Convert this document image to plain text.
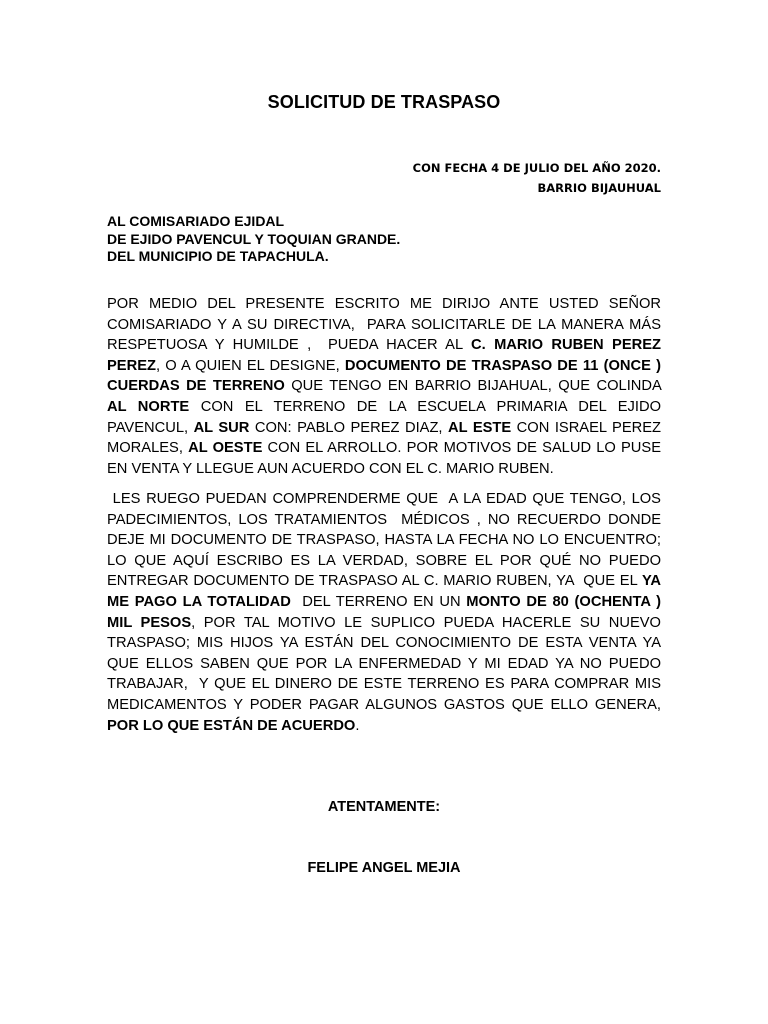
SOLICITUD DE TRASPASO
CON FECHA 4 DE JULIO DEL AÑO 2020.
BARRIO BIJAUHUAL
AL COMISARIADO EJIDAL
DE EJIDO PAVENCUL Y TOQUIAN GRANDE.
DEL MUNICIPIO DE TAPACHULA.
POR MEDIO DEL PRESENTE ESCRITO ME DIRIJO ANTE USTED SEÑOR COMISARIADO Y A SU DIRECTIVA,  PARA SOLICITARLE DE LA MANERA MÁS RESPETUOSA Y HUMILDE ,  PUEDA HACER AL C. MARIO RUBEN PEREZ PEREZ, O A QUIEN EL DESIGNE, DOCUMENTO DE TRASPASO DE 11 (ONCE ) CUERDAS DE TERRENO QUE TENGO EN BARRIO BIJAHUAL, QUE COLINDA AL NORTE CON EL TERRENO DE LA ESCUELA PRIMARIA DEL EJIDO PAVENCUL, AL SUR CON: PABLO PEREZ DIAZ, AL ESTE CON ISRAEL PEREZ MORALES, AL OESTE CON EL ARROLLO. POR MOTIVOS DE SALUD LO PUSE EN VENTA Y LLEGUE AUN ACUERDO CON EL C. MARIO RUBEN.
LES RUEGO PUEDAN COMPRENDERME QUE  A LA EDAD QUE TENGO, LOS PADECIMIENTOS, LOS TRATAMIENTOS  MÉDICOS , NO RECUERDO DONDE DEJE MI DOCUMENTO DE TRASPASO, HASTA LA FECHA NO LO ENCUENTRO; LO QUE AQUÍ ESCRIBO ES LA VERDAD, SOBRE EL POR QUÉ NO PUEDO ENTREGAR DOCUMENTO DE TRASPASO AL C. MARIO RUBEN, YA  QUE EL YA ME PAGO LA TOTALIDAD  DEL TERRENO EN UN MONTO DE 80 (OCHENTA ) MIL PESOS, POR TAL MOTIVO LE SUPLICO PUEDA HACERLE SU NUEVO TRASPASO; MIS HIJOS YA ESTÁN DEL CONOCIMIENTO DE ESTA VENTA YA QUE ELLOS SABEN QUE POR LA ENFERMEDAD Y MI EDAD YA NO PUEDO  TRABAJAR,  Y QUE EL DINERO DE ESTE TERRENO ES PARA COMPRAR MIS MEDICAMENTOS Y PODER PAGAR ALGUNOS GASTOS QUE ELLO GENERA, POR LO QUE ESTÁN DE ACUERDO.
ATENTAMENTE:
FELIPE ANGEL MEJIA
